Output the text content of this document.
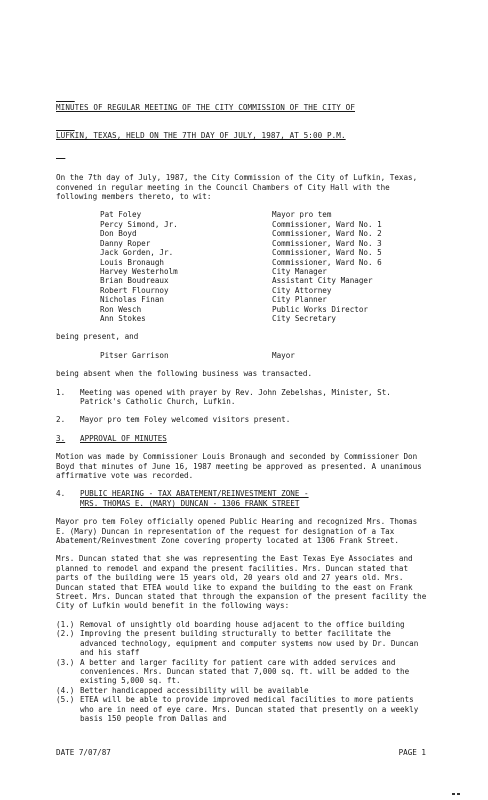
MINUTES OF REGULAR MEETING OF THE CITY COMMISSION OF THE CITY OF

LUFKIN, TEXAS, HELD ON THE 7TH DAY OF JULY, 1987, AT 5:00 P.M.

On the 7th day of July, 1987, the City Commission of the City of Lufkin, Texas, convened in regular meeting in the Council Chambers of City Hall with the following members thereto, to wit:

Pat Foley	Mayor pro tem
Percy Simond, Jr.	Commissioner, Ward No. 1
Don Boyd	Commissioner, Ward No. 2
Danny Roper	Commissioner, Ward No. 3
Jack Gorden, Jr.	Commissioner, Ward No. 5
Louis Bronaugh	Commissioner, Ward No. 6
Harvey Westerholm	City Manager
Brian Boudreaux	Assistant City Manager
Robert Flournoy	City Attorney
Nicholas Finan	City Planner
Ron Wesch	Public Works Director
Ann Stokes	City Secretary

being present, and

Pitser Garrison	Mayor

being absent when the following business was transacted.

1.	Meeting was opened with prayer by Rev. John Zebelshas, Minister, St. Patrick's Catholic Church, Lufkin.
2.	Mayor pro tem Foley welcomed visitors present.
3.	APPROVAL OF MINUTES

Motion was made by Commissioner Louis Bronaugh and seconded by Commissioner Don Boyd that minutes of June 16, 1987 meeting be approved as presented. A unanimous affirmative vote was recorded.

4.	PUBLIC HEARING - TAX ABATEMENT/REINVESTMENT ZONE -
MRS. THOMAS E. (MARY) DUNCAN - 1306 FRANK STREET

Mayor pro tem Foley officially opened Public Hearing and recognized Mrs. Thomas E. (Mary) Duncan in representation of the request for designation of a Tax Abatement/Reinvestment Zone covering property located at 1306 Frank Street.

Mrs. Duncan stated that she was representing the East Texas Eye Associates and planned to remodel and expand the present facilities. Mrs. Duncan stated that parts of the building were 15 years old, 20 years old and 27 years old. Mrs. Duncan stated that ETEA would like to expand the building to the east on Frank Street. Mrs. Duncan stated that through the expansion of the present facility the City of Lufkin would benefit in the following ways:

(1.) Removal of unsightly old boarding house adjacent to the office building
(2.) Improving the present building structurally to better facilitate the advanced technology, equipment and computer systems now used by Dr. Duncan and his staff
(3.) A better and larger facility for patient care with added services and conveniences. Mrs. Duncan stated that 7,000 sq. ft. will be added to the existing 5,000 sq. ft.
(4.) Better handicapped accessibility will be available
(5.) ETEA will be able to provide improved medical facilities to more patients who are in need of eye care. Mrs. Duncan stated that presently on a weekly basis 150 people from Dallas and
DATE 7/07/87	PAGE 1
